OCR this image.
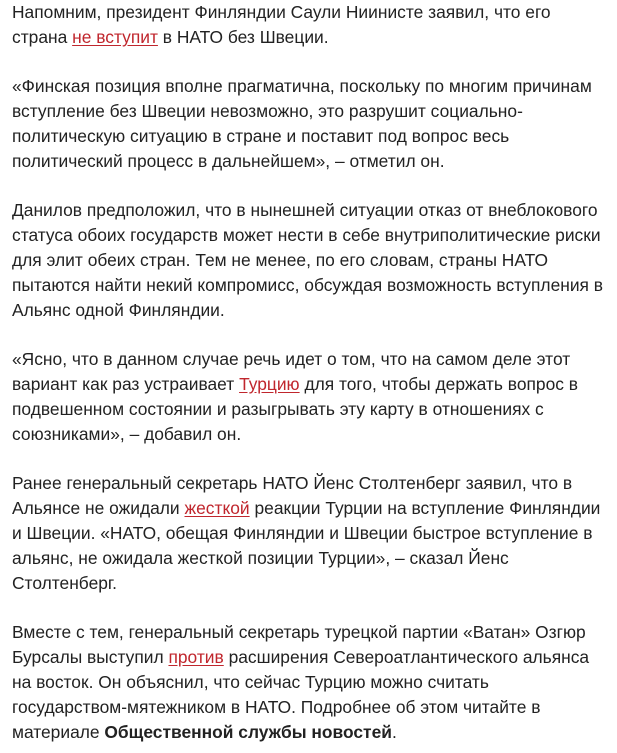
Напомним, президент Финляндии Саули Ниинисте заявил, что его страна не вступит в НАТО без Швеции.

«Финская позиция вполне прагматична, поскольку по многим причинам вступление без Швеции невозможно, это разрушит социально-политическую ситуацию в стране и поставит под вопрос весь политический процесс в дальнейшем», – отметил он.

Данилов предположил, что в нынешней ситуации отказ от внеблокового статуса обоих государств может нести в себе внутриполитические риски для элит обеих стран. Тем не менее, по его словам, страны НАТО пытаются найти некий компромисс, обсуждая возможность вступления в Альянс одной Финляндии.

«Ясно, что в данном случае речь идет о том, что на самом деле этот вариант как раз устраивает Турцию для того, чтобы держать вопрос в подвешенном состоянии и разыгрывать эту карту в отношениях с союзниками», – добавил он.

Ранее генеральный секретарь НАТО Йенс Столтенберг заявил, что в Альянсе не ожидали жесткой реакции Турции на вступление Финляндии и Швеции. «НАТО, обещая Финляндии и Швеции быстрое вступление в альянс, не ожидала жесткой позиции Турции», – сказал Йенс Столтенберг.

Вместе с тем, генеральный секретарь турецкой партии «Ватан» Озгюр Бурсалы выступил против расширения Североатлантического альянса на восток. Он объяснил, что сейчас Турцию можно считать государством-мятежником в НАТО. Подробнее об этом читайте в материале Общественной службы новостей.
